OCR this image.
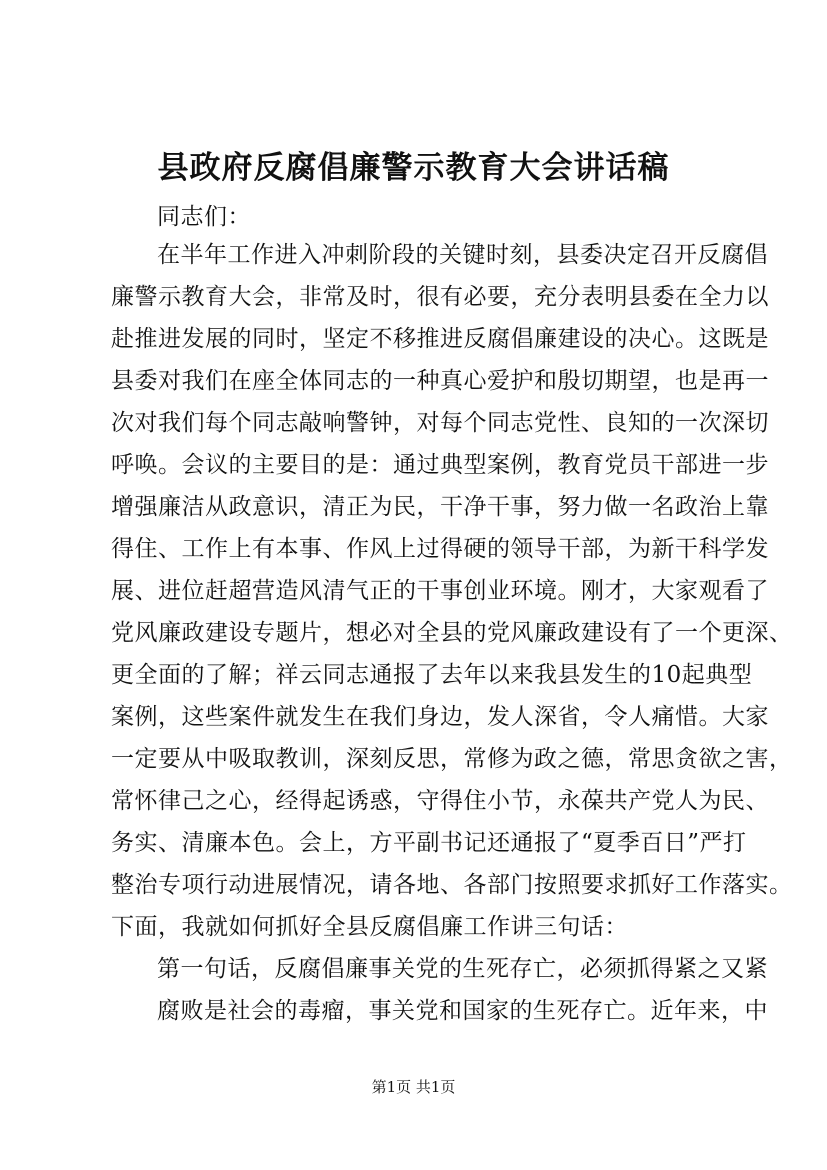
县政府反腐倡廉警示教育大会讲话稿
同志们：
在半年工作进入冲刺阶段的关键时刻，县委决定召开反腐倡
廉警示教育大会，非常及时，很有必要，充分表明县委在全力以
赴推进发展的同时，坚定不移推进反腐倡廉建设的决心。这既是
县委对我们在座全体同志的一种真心爱护和殷切期望，也是再一
次对我们每个同志敲响警钟，对每个同志党性、良知的一次深切
呼唤。会议的主要目的是：通过典型案例，教育党员干部进一步
增强廉洁从政意识，清正为民，干净干事，努力做一名政治上靠
得住、工作上有本事、作风上过得硬的领导干部，为新干科学发
展、进位赶超营造风清气正的干事创业环境。刚才，大家观看了
党风廉政建设专题片，想必对全县的党风廉政建设有了一个更深、
更全面的了解；祥云同志通报了去年以来我县发生的10起典型
案例，这些案件就发生在我们身边，发人深省，令人痛惜。大家
一定要从中吸取教训，深刻反思，常修为政之德，常思贪欲之害，
常怀律己之心，经得起诱惑，守得住小节，永葆共产党人为民、
务实、清廉本色。会上，方平副书记还通报了“夏季百日”严打
整治专项行动进展情况，请各地、各部门按照要求抓好工作落实。
下面，我就如何抓好全县反腐倡廉工作讲三句话：
第一句话，反腐倡廉事关党的生死存亡，必须抓得紧之又紧
腐败是社会的毒瘤，事关党和国家的生死存亡。近年来，中
第1页 共1页
